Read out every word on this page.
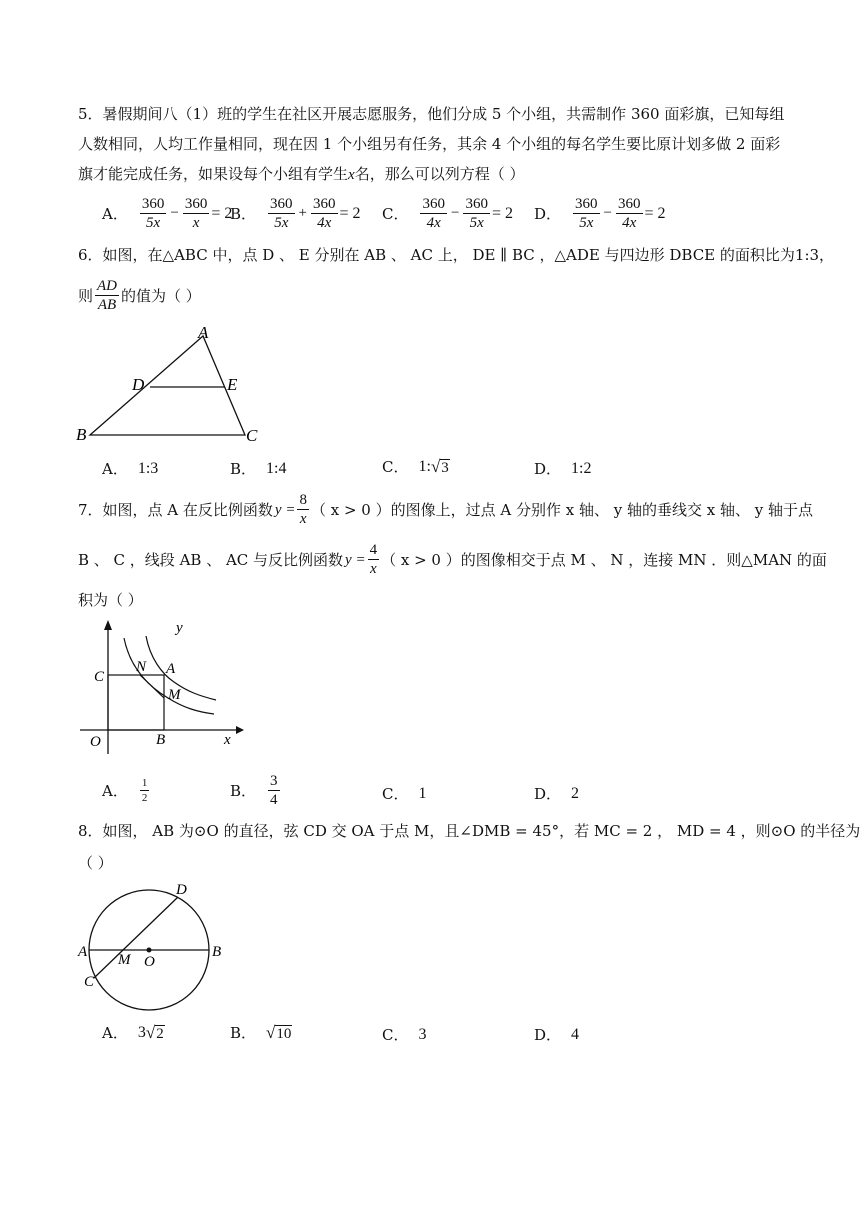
5．暑假期间八（1）班的学生在社区开展志愿服务，他们分成 5 个小组，共需制作 360 面彩旗，已知每组
人数相同，人均工作量相同，现在因 1 个小组另有任务，其余 4 个小组的每名学生要比原计划多做 2 面彩
旗才能完成任务，如果设每个小组有学生x名，那么可以列方程（ ）
A． $\frac{360}{5x} - \frac{360}{x} = 2$
B． $\frac{360}{5x} + \frac{360}{4x} = 2$ C． $\frac{360}{4x} - \frac{360}{5x} = 2$ D． $\frac{360}{5x} - \frac{360}{4x} = 2$
6．如图，在△ABC 中，点 D 、 E 分别在 AB 、 AC 上， DE ∥ BC ，△ADE 与四边形 DBCE 的面积比为1:3，
则 $\frac{AD}{AB}$ 的值为（ ）
A
D	E
B	C
A． 1:3	B． 1:4	C． 1: √ 3	D． 1:2
7．如图，点 A 在反比例函数 $y = \frac{8}{x}$ （ x > 0 ） 的图像上，过点 A 分别作 x 轴、 y 轴的垂线交 x 轴、 y 轴于点
B 、 C ，线段 AB 、 AC 与反比例函数 $y = \frac{4}{x}$ （ x > 0 ） 的图像相交于点 M 、 N ，连接 MN ．则△MAN 的面
积为（ ）
y
x
O
C
B
N A
M
A． $\frac{1}{2}$	B． $\frac{3}{4}$	C． 1	D． 2
8．如图， AB 为⊙O 的直径，弦 CD 交 OA 于点 M，且∠DMB = 45°，若 MC = 2 ， MD = 4 ，则⊙O 的半径为
（ ）
A	B
C
D
M O
A． 3 √ 2	B． √ 10	C． 3	D． 4
